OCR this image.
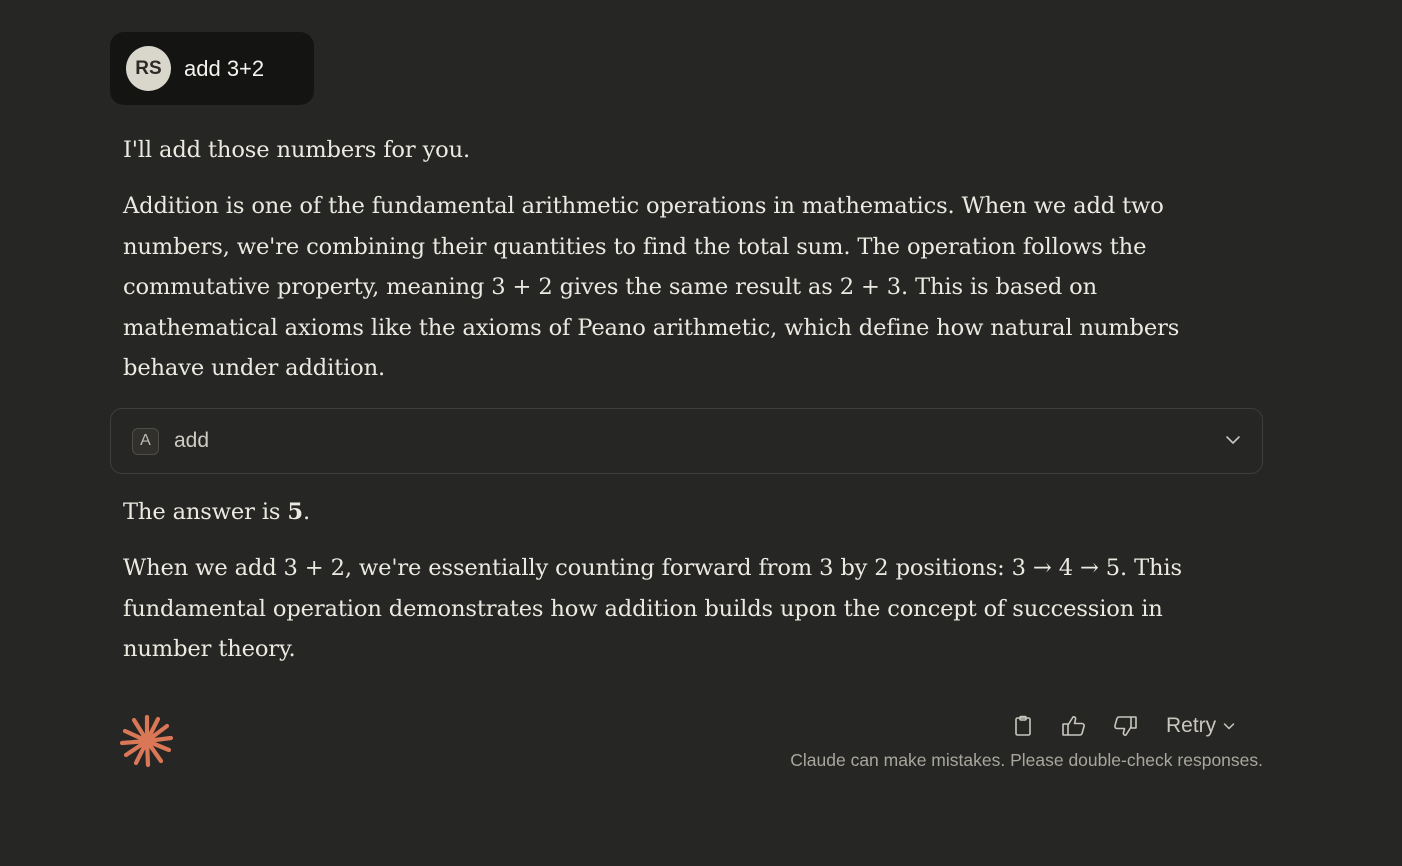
RS	add 3+2
I'll add those numbers for you.
Addition is one of the fundamental arithmetic operations in mathematics. When we add two numbers, we're combining their quantities to find the total sum. The operation follows the commutative property, meaning 3 + 2 gives the same result as 2 + 3. This is based on mathematical axioms like the axioms of Peano arithmetic, which define how natural numbers behave under addition.
A	add
The answer is 5.
When we add 3 + 2, we're essentially counting forward from 3 by 2 positions: 3 → 4 → 5. This fundamental operation demonstrates how addition builds upon the concept of succession in number theory.
Retry
Claude can make mistakes. Please double-check responses.
